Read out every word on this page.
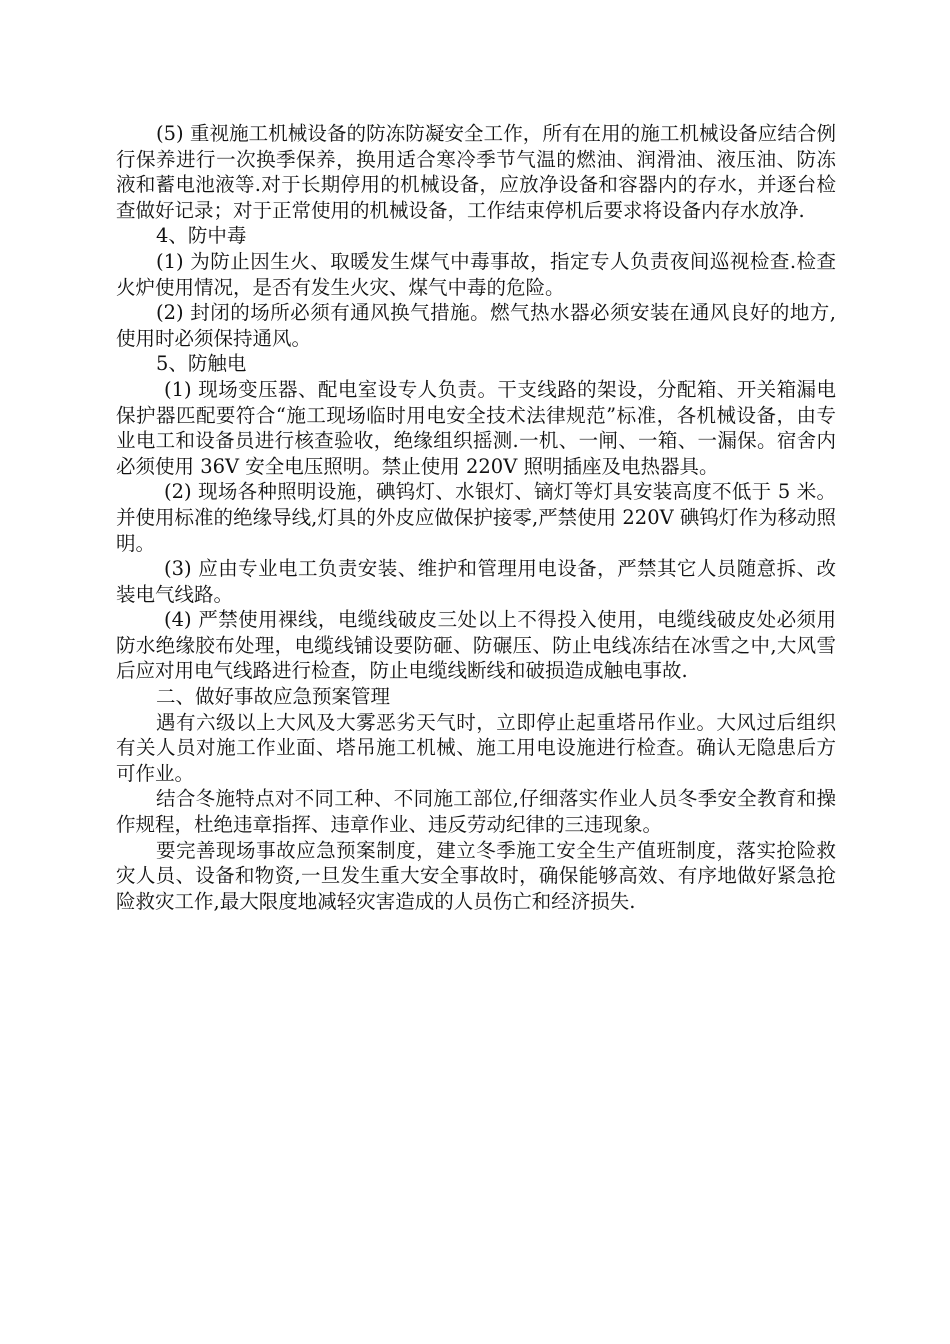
(5) 重视施工机械设备的防冻防凝安全工作，所有在用的施工机械设备应结合例行保养进行一次换季保养，换用适合寒冷季节气温的燃油、润滑油、液压油、防冻液和蓄电池液等.对于长期停用的机械设备，应放净设备和容器内的存水，并逐台检查做好记录；对于正常使用的机械设备，工作结束停机后要求将设备内存水放净.

4、防中毒

(1) 为防止因生火、取暖发生煤气中毒事故，指定专人负责夜间巡视检查.检查火炉使用情况，是否有发生火灾、煤气中毒的危险。

(2) 封闭的场所必须有通风换气措施。燃气热水器必须安装在通风良好的地方,使用时必须保持通风。

5、防触电

(1) 现场变压器、配电室设专人负责。干支线路的架设，分配箱、开关箱漏电保护器匹配要符合“施工现场临时用电安全技术法律规范”标准，各机械设备，由专业电工和设备员进行核查验收，绝缘组织摇测.一机、一闸、一箱、一漏保。宿舍内必须使用 36V 安全电压照明。禁止使用 220V 照明插座及电热器具。

(2) 现场各种照明设施，碘钨灯、水银灯、镝灯等灯具安装高度不低于 5 米。并使用标准的绝缘导线,灯具的外皮应做保护接零,严禁使用 220V 碘钨灯作为移动照明。

(3) 应由专业电工负责安装、维护和管理用电设备，严禁其它人员随意拆、改装电气线路。

(4) 严禁使用裸线，电缆线破皮三处以上不得投入使用，电缆线破皮处必须用防水绝缘胶布处理，电缆线铺设要防砸、防碾压、防止电线冻结在冰雪之中,大风雪后应对用电气线路进行检查，防止电缆线断线和破损造成触电事故.

二、做好事故应急预案管理

遇有六级以上大风及大雾恶劣天气时，立即停止起重塔吊作业。大风过后组织有关人员对施工作业面、塔吊施工机械、施工用电设施进行检查。确认无隐患后方可作业。

结合冬施特点对不同工种、不同施工部位,仔细落实作业人员冬季安全教育和操作规程，杜绝违章指挥、违章作业、违反劳动纪律的三违现象。

要完善现场事故应急预案制度，建立冬季施工安全生产值班制度，落实抢险救灾人员、设备和物资,一旦发生重大安全事故时，确保能够高效、有序地做好紧急抢险救灾工作,最大限度地减轻灾害造成的人员伤亡和经济损失.
